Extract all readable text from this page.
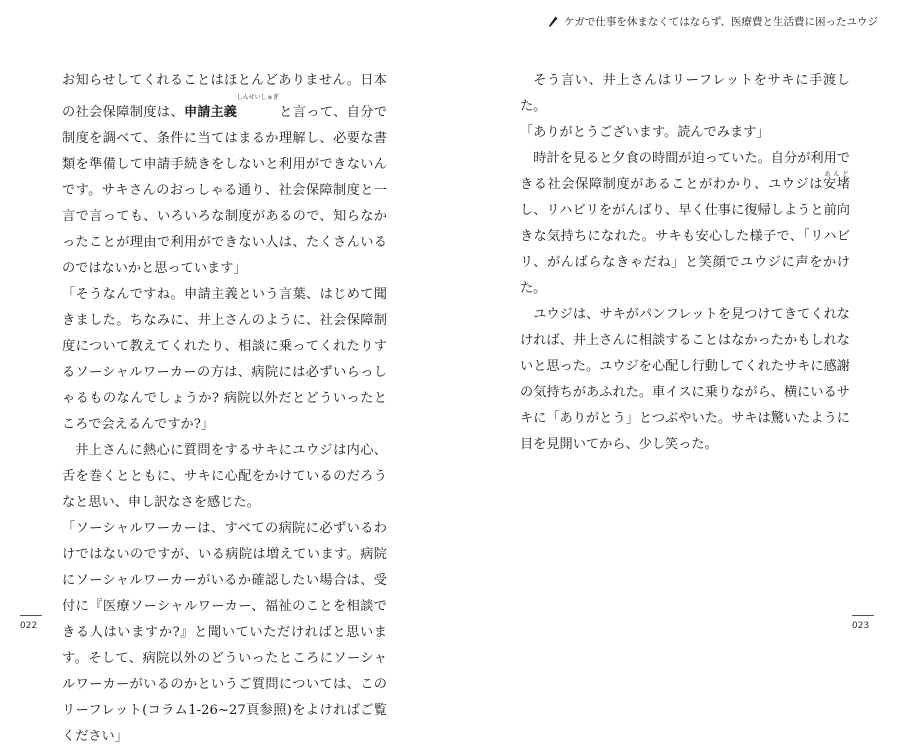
ケガで仕事を休まなくてはならず、医療費と生活費に困ったユウジ

お知らせしてくれることはほとんどありません。日本の社会保障制度は、申請主義しんせいしゅぎと言って、自分で制度を調べて、条件に当てはまるか理解し、必要な書類を準備して申請手続きをしないと利用ができないんです。サキさんのおっしゃる通り、社会保障制度と一言で言っても、いろいろな制度があるので、知らなかったことが理由で利用ができない人は、たくさんいるのではないかと思っています」

「そうなんですね。申請主義という言葉、はじめて聞きました。ちなみに、井上さんのように、社会保障制度について教えてくれたり、相談に乗ってくれたりするソーシャルワーカーの方は、病院には必ずいらっしゃるものなんでしょうか? 病院以外だとどういったところで会えるんですか?」

井上さんに熱心に質問をするサキにユウジは内心、舌を巻くとともに、サキに心配をかけているのだろうなと思い、申し訳なさを感じた。

「ソーシャルワーカーは、すべての病院に必ずいるわけではないのですが、いる病院は増えています。病院にソーシャルワーカーがいるか確認したい場合は、受付に『医療ソーシャルワーカー、福祉のことを相談できる人はいますか?』と聞いていただければと思います。そして、病院以外のどういったところにソーシャルワーカーがいるのかというご質問については、このリーフレット(コラム1-26~27頁参照)をよければご覧ください」

そう言い、井上さんはリーフレットをサキに手渡した。

「ありがとうございます。読んでみます」

時計を見ると夕食の時間が迫っていた。自分が利用できる社会保障制度があることがわかり、ユウジは安堵あんどし、リハビリをがんばり、早く仕事に復帰しようと前向きな気持ちになれた。サキも安心した様子で、「リハビリ、がんばらなきゃだね」と笑顔でユウジに声をかけた。

ユウジは、サキがパンフレットを見つけてきてくれなければ、井上さんに相談することはなかったかもしれないと思った。ユウジを心配し行動してくれたサキに感謝の気持ちがあふれた。車イスに乗りながら、横にいるサキに「ありがとう」とつぶやいた。サキは驚いたように目を見開いてから、少し笑った。

022	023
